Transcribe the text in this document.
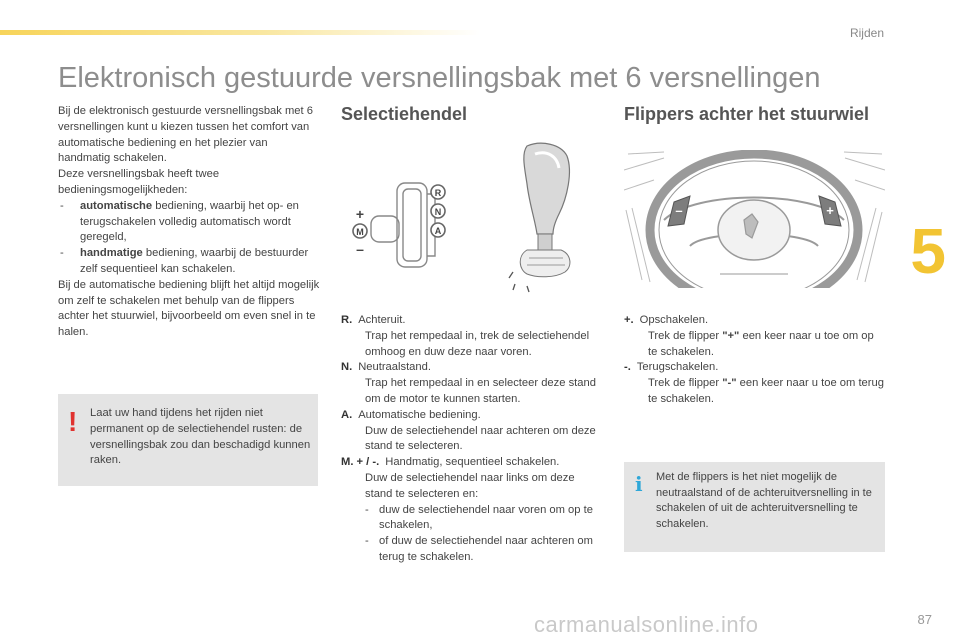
Rijden
5
Elektronisch gestuurde versnellingsbak met 6 versnellingen

Bij de elektronisch gestuurde versnellingsbak met 6 versnellingen kunt u kiezen tussen het comfort van automatische bediening en het plezier van handmatig schakelen.

Deze versnellingsbak heeft twee bedieningsmogelijkheden:

- automatische bediening, waarbij het op- en terugschakelen volledig automatisch wordt geregeld,

- handmatige bediening, waarbij de bestuurder zelf sequentieel kan schakelen.

Bij de automatische bediening blijft het altijd mogelijk om zelf te schakelen met behulp van de flippers achter het stuurwiel, bijvoorbeeld om even snel in te halen.

! Laat uw hand tijdens het rijden niet permanent op de selectiehendel rusten: de versnellingsbak zou dan beschadigd kunnen raken.
Selectiehendel
R
N
A
M
+
–

R. Achteruit.

Trap het rempedaal in, trek de selectiehendel omhoog en duw deze naar voren.

N. Neutraalstand.

Trap het rempedaal in en selecteer deze stand om de motor te kunnen starten.

A. Automatische bediening.

Duw de selectiehendel naar achteren om deze stand te selecteren.

M. + / -. Handmatig, sequentieel schakelen.

Duw de selectiehendel naar links om deze stand te selecteren en:

- duw de selectiehendel naar voren om op te schakelen,

- of duw de selectiehendel naar achteren om terug te schakelen.

Flippers achter het stuurwiel
–	+

+. Opschakelen.

Trek de flipper "+" een keer naar u toe om op te schakelen.

-. Terugschakelen.

Trek de flipper "-" een keer naar u toe om terug te schakelen.

i Met de flippers is het niet mogelijk de neutraalstand of de achteruitversnelling in te schakelen of uit de achteruitversnelling te schakelen.
carmanualsonline.info	87
